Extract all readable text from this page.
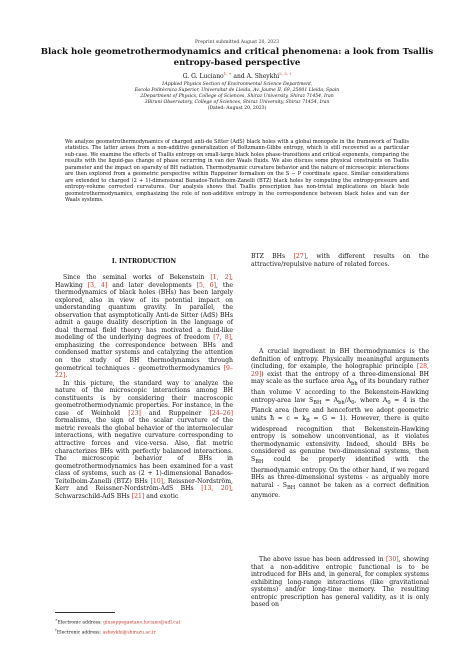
Preprint submitted August 20, 2023
Black hole geometrothermodynamics and critical phenomena: a look from Tsallis entropy-based perspective
G. G. Luciano$^{1, ∗}$ and A. Sheykhi$^{2, 3, \dagger}$
1Applied Physics Section of Environmental Science Department,
Escola Politècnica Superior, Universitat de Lleida, Av. Jaume II, 69, 25001 Lleida, Spain
2Department of Physics, College of Sciences, Shiraz University, Shiraz 71454, Iran
3Biruni Observatory, College of Sciences, Shiraz University, Shiraz 71454, Iran
(Dated: August 20, 2023)
We analyze geometrothermodynamics of charged anti-de Sitter (AdS) black holes with a global monopole in the framework of Tsallis statistics. The latter arises from a non-additive generalization of Boltzmann-Gibbs entropy, which is still recovered as a particular sub-case. We examine the effects of Tsallis entropy on small-large black holes phase-transitions and critical exponents, comparing the results with the liquid-gas change of phase occurring in van der Waals fluids. We also discuss some physical constraints on Tsallis parameter and the impact on sparsity of BH radiation. Thermodynamic curvature behavior and the nature of microscopic interactions are then explored from a geometric perspective within Ruppeiner formalism on the S − P coordinate space. Similar considerations are extended to charged (2 + 1)-dimensional Banados-Teitelboim-Zanelli (BTZ) black holes by computing the entropy-pressure and entropy-volume corrected curvatures. Our analysis shows that Tsallis prescription has non-trivial implications on black hole geometrothermodynamics, emphasizing the role of non-additive entropy in the correspondence between black holes and van der Waals systems.
I. INTRODUCTION

Since the seminal works of Bekenstein [1, 2], Hawking [3, 4] and later developments [5, 6], the thermodynamics of black holes (BHs) has been largely explored, also in view of its potential impact on understanding quantum gravity. In parallel, the observation that asymptotically Anti-de Sitter (AdS) BHs admit a gauge duality description in the language of dual thermal field theory has motivated a fluid-like modeling of the underlying degrees of freedom [7, 8], emphasizing the correspondence between BHs and condensed matter systems and catalyzing the attention on the study of BH thermodynamics through geometrical techniques - geometrothermodynamics [9–22].

In this picture, the standard way to analyze the nature of the microscopic interactions among BH constituents is by considering their macroscopic geometrothermodynamic properties. For instance, in the case of Weinhold [23] and Ruppeiner [24–26] formalisms, the sign of the scalar curvature of the metric reveals the global behavior of the intermolecular interactions, with negative curvature corresponding to attractive forces and vice-versa. Also, flat metric characterizes BHs with perfectly balanced interactions. The microscopic behavior of BHs in geometrothermodynamics has been examined for a vast class of systems, such as (2 + 1)-dimensional Banados-Teitelboim-Zanelli (BTZ) BHs [10], Reissner-Nordström, Kerr and Reissner-Nordström-AdS BHs [13, 20], Schwarzschild-AdS BHs [21] and exotic

BTZ BHs [27], with different results on the attractive/repulsive nature of related forces.

A crucial ingredient in BH thermodynamics is the definition of entropy. Physically meaningful arguments (including, for example, the holographic principle [28, 29]) exist that the entropy of a three-dimensional BH may scale as the surface area $A_{bh}$ of its boundary rather than volume V according to the Bekenstein-Hawking entropy-area law $S_{BH} = A_{bh}/A_0$, where $A_0 = 4$ is the Planck area (here and henceforth we adopt geometric units ħ = $c = k_B = G = 1$). However, there is quite widespread recognition that Bekenstein-Hawking entropy is somehow unconventional, as it violates thermodynamic extensivity. Indeed, should BHs be considered as genuine two-dimensional systems, then $S_{BH}$ could be properly identified with the thermodynamic entropy. On the other hand, if we regard BHs as three-dimensional systems - as arguably more natural - $S_{BH}$ cannot be taken as a correct definition anymore.

The above issue has been addressed in [30], showing that a non-additive entropic functional is to be introduced for BHs and, in general, for complex systems exhibiting long-range interactions (like gravitational systems) and/or long-time memory. The resulting entropic prescription has general validity, as it is only based on

∗Electronic address: giuseppegaetano.luciano@udl.cat
†Electronic address: asheykhi@shirazu.ac.ir
